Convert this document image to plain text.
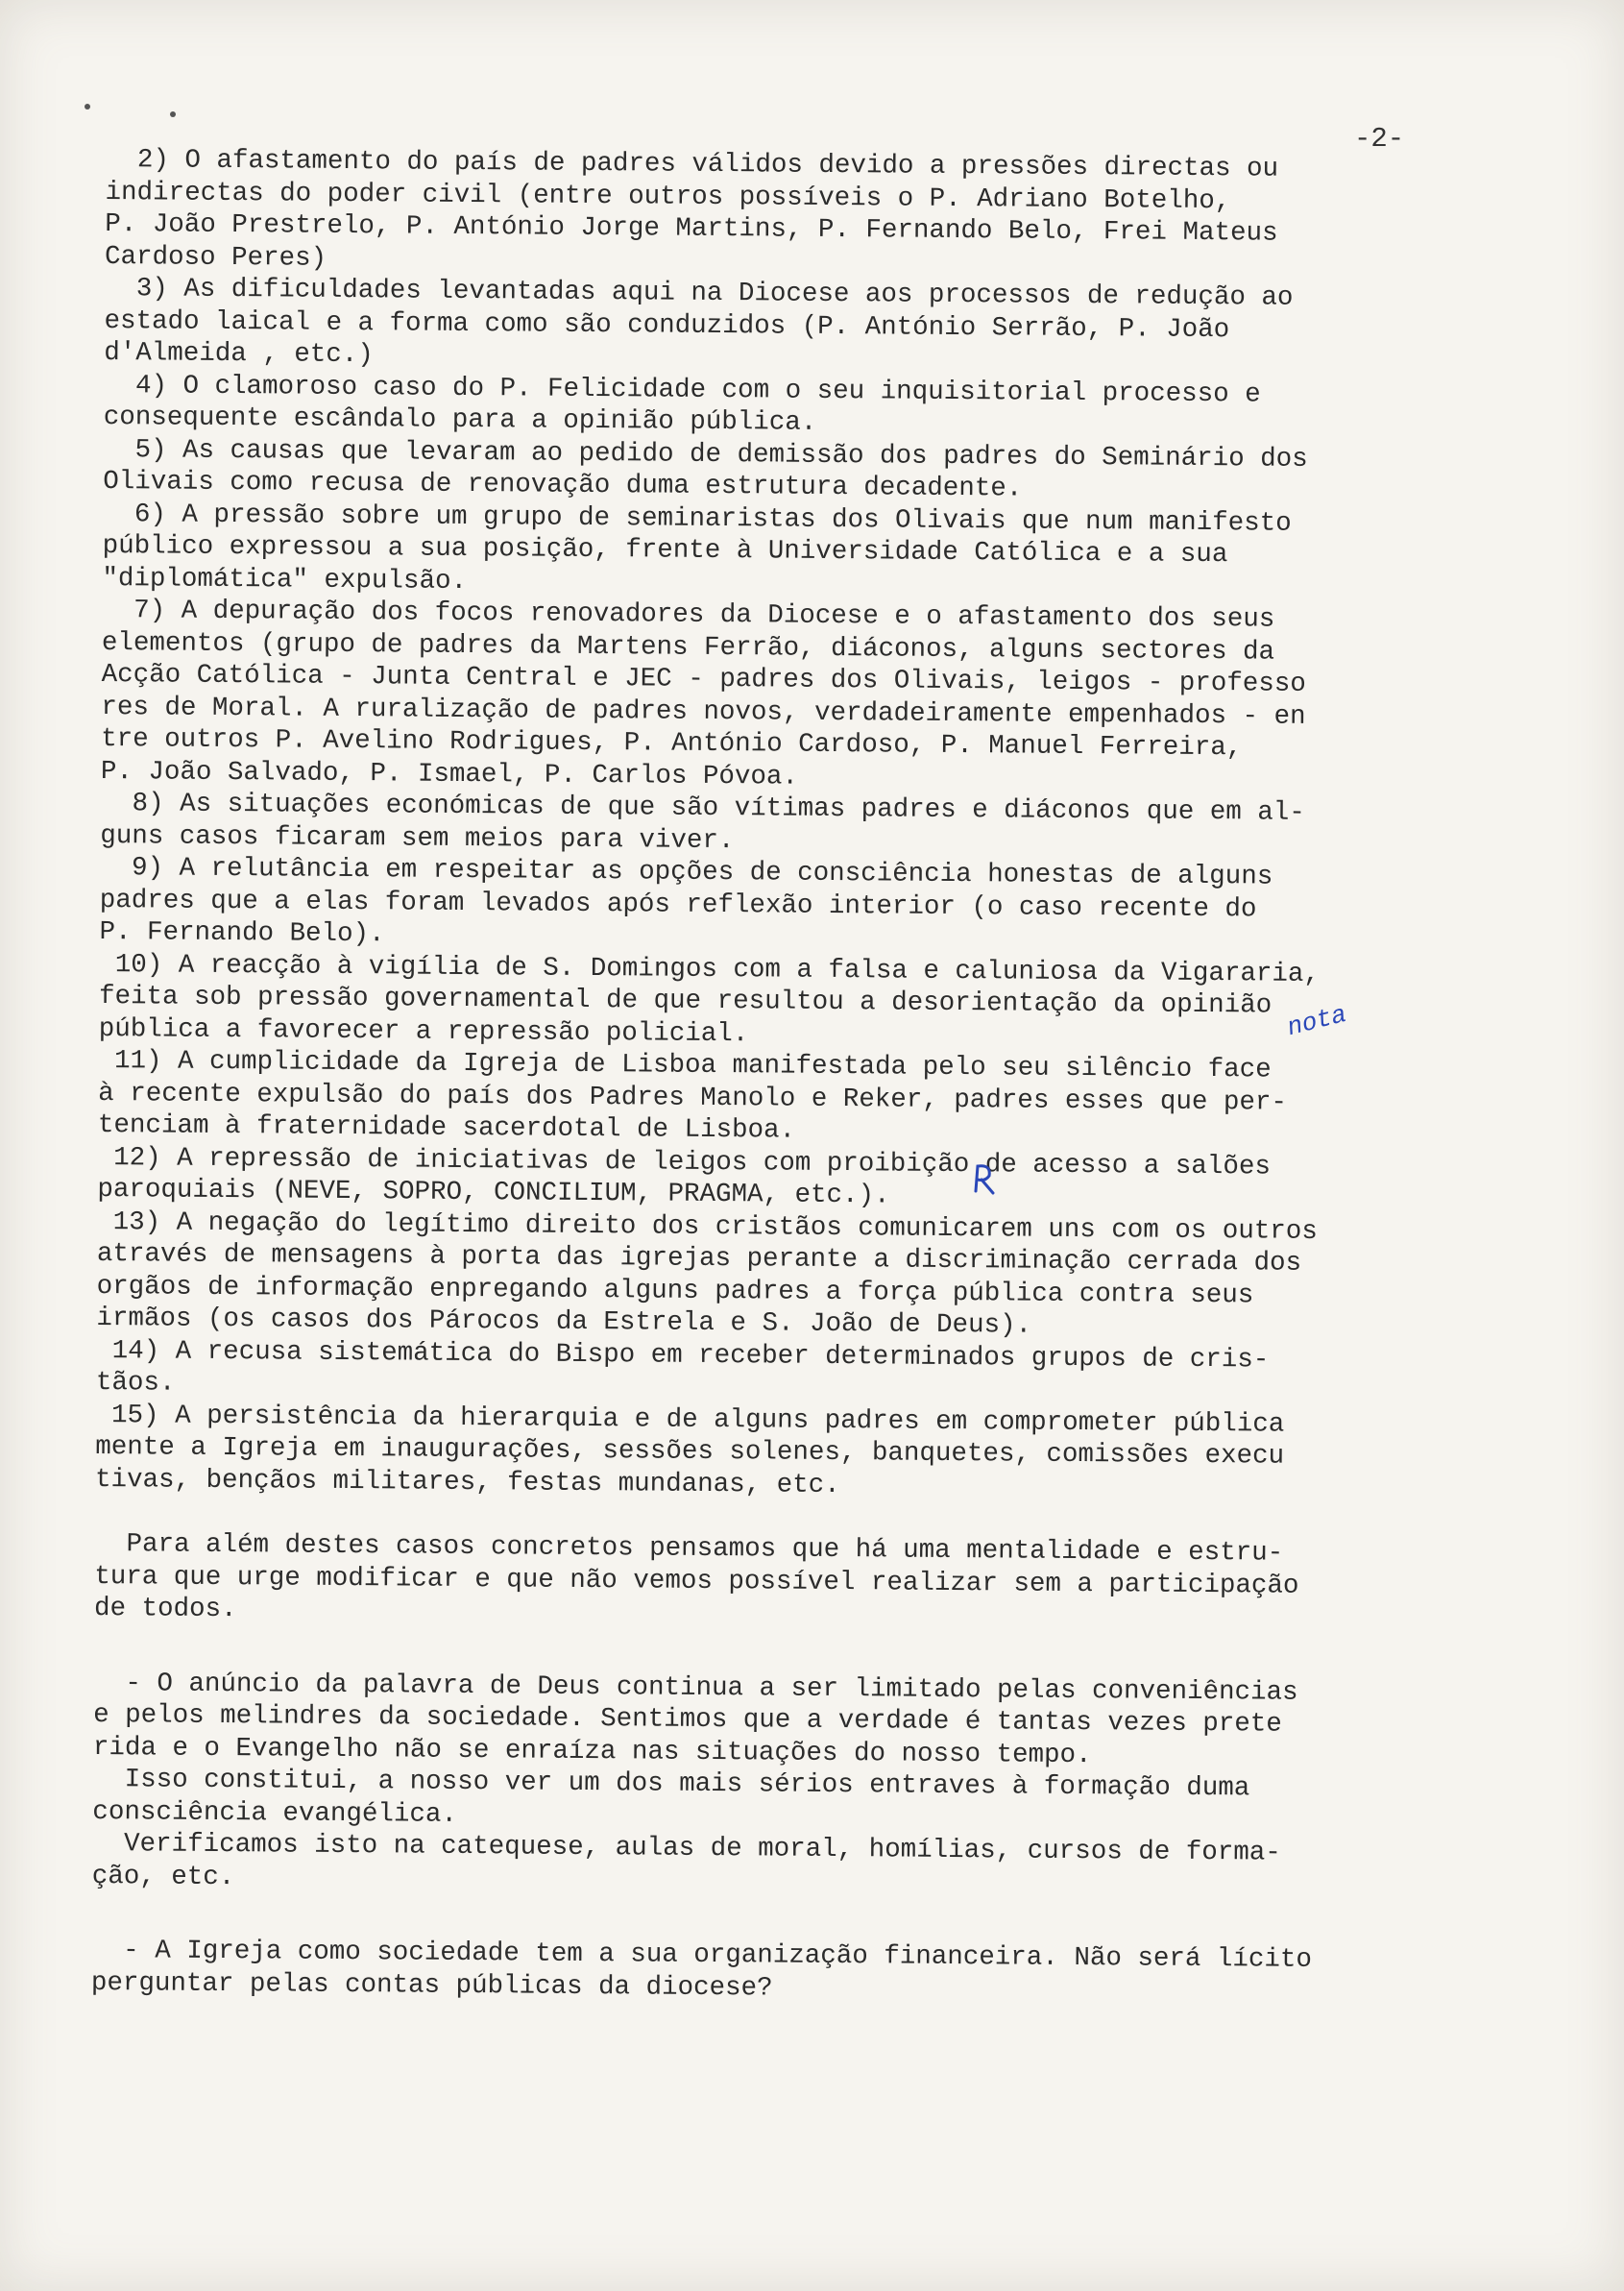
-2-

2) O afastamento do país de padres válidos devido a pressões directas ou

indirectas do poder civil (entre outros possíveis o P. Adriano Botelho,

P. João Prestrelo, P. António Jorge Martins, P. Fernando Belo, Frei Mateus

Cardoso Peres)

3) As dificuldades levantadas aqui na Diocese aos processos de redução ao

estado laical e a forma como são conduzidos (P. António Serrão, P. João

d'Almeida , etc.)

4) O clamoroso caso do P. Felicidade com o seu inquisitorial processo e

consequente escândalo para a opinião pública.

5) As causas que levaram ao pedido de demissão dos padres do Seminário dos

Olivais como recusa de renovação duma estrutura decadente.

6) A pressão sobre um grupo de seminaristas dos Olivais que num manifesto

público expressou a sua posição, frente à Universidade Católica e a sua

"diplomática" expulsão.

7) A depuração dos focos renovadores da Diocese e o afastamento dos seus

elementos (grupo de padres da Martens Ferrão, diáconos, alguns sectores da

Acção Católica - Junta Central e JEC - padres dos Olivais, leigos - professo

res de Moral. A ruralização de padres novos, verdadeiramente empenhados - en

tre outros P. Avelino Rodrigues, P. António Cardoso, P. Manuel Ferreira,

P. João Salvado, P. Ismael, P. Carlos Póvoa.

8) As situações económicas de que são vítimas padres e diáconos que em al-

guns casos ficaram sem meios para viver.

9) A relutância em respeitar as opções de consciência honestas de alguns

padres que a elas foram levados após reflexão interior (o caso recente do

P. Fernando Belo).

10) A reacção à vigília de S. Domingos com a falsa e caluniosa da Vigararia,

feita sob pressão governamental de que resultou a desorientação da opinião

pública a favorecer a repressão policial.

11) A cumplicidade da Igreja de Lisboa manifestada pelo seu silêncio face

à recente expulsão do país dos Padres Manolo e Reker, padres esses que per-

tenciam à fraternidade sacerdotal de Lisboa.

12) A repressão de iniciativas de leigos com proibição de acesso a salões

paroquiais (NEVE, SOPRO, CONCILIUM, PRAGMA, etc.).

13) A negação do legítimo direito dos cristãos comunicarem uns com os outros

através de mensagens à porta das igrejas perante a discriminação cerrada dos

orgãos de informação enpregando alguns padres a força pública contra seus

irmãos (os casos dos Párocos da Estrela e S. João de Deus).

14) A recusa sistemática do Bispo em receber determinados grupos de cris-

tãos.

15) A persistência da hierarquia e de alguns padres em comprometer pública

mente a Igreja em inaugurações, sessões solenes, banquetes, comissões execu

tivas, bençãos militares, festas mundanas, etc.

Para além destes casos concretos pensamos que há uma mentalidade e estru-

tura que urge modificar e que não vemos possível realizar sem a participação

de todos.

- O anúncio da palavra de Deus continua a ser limitado pelas conveniências

e pelos melindres da sociedade. Sentimos que a verdade é tantas vezes prete

rida e o Evangelho não se enraíza nas situações do nosso tempo.

Isso constitui, a nosso ver um dos mais sérios entraves à formação duma

consciência evangélica.

Verificamos isto na catequese, aulas de moral, homílias, cursos de forma-

ção, etc.

- A Igreja como sociedade tem a sua organização financeira. Não será lícito

perguntar pelas contas públicas da diocese?

nota
